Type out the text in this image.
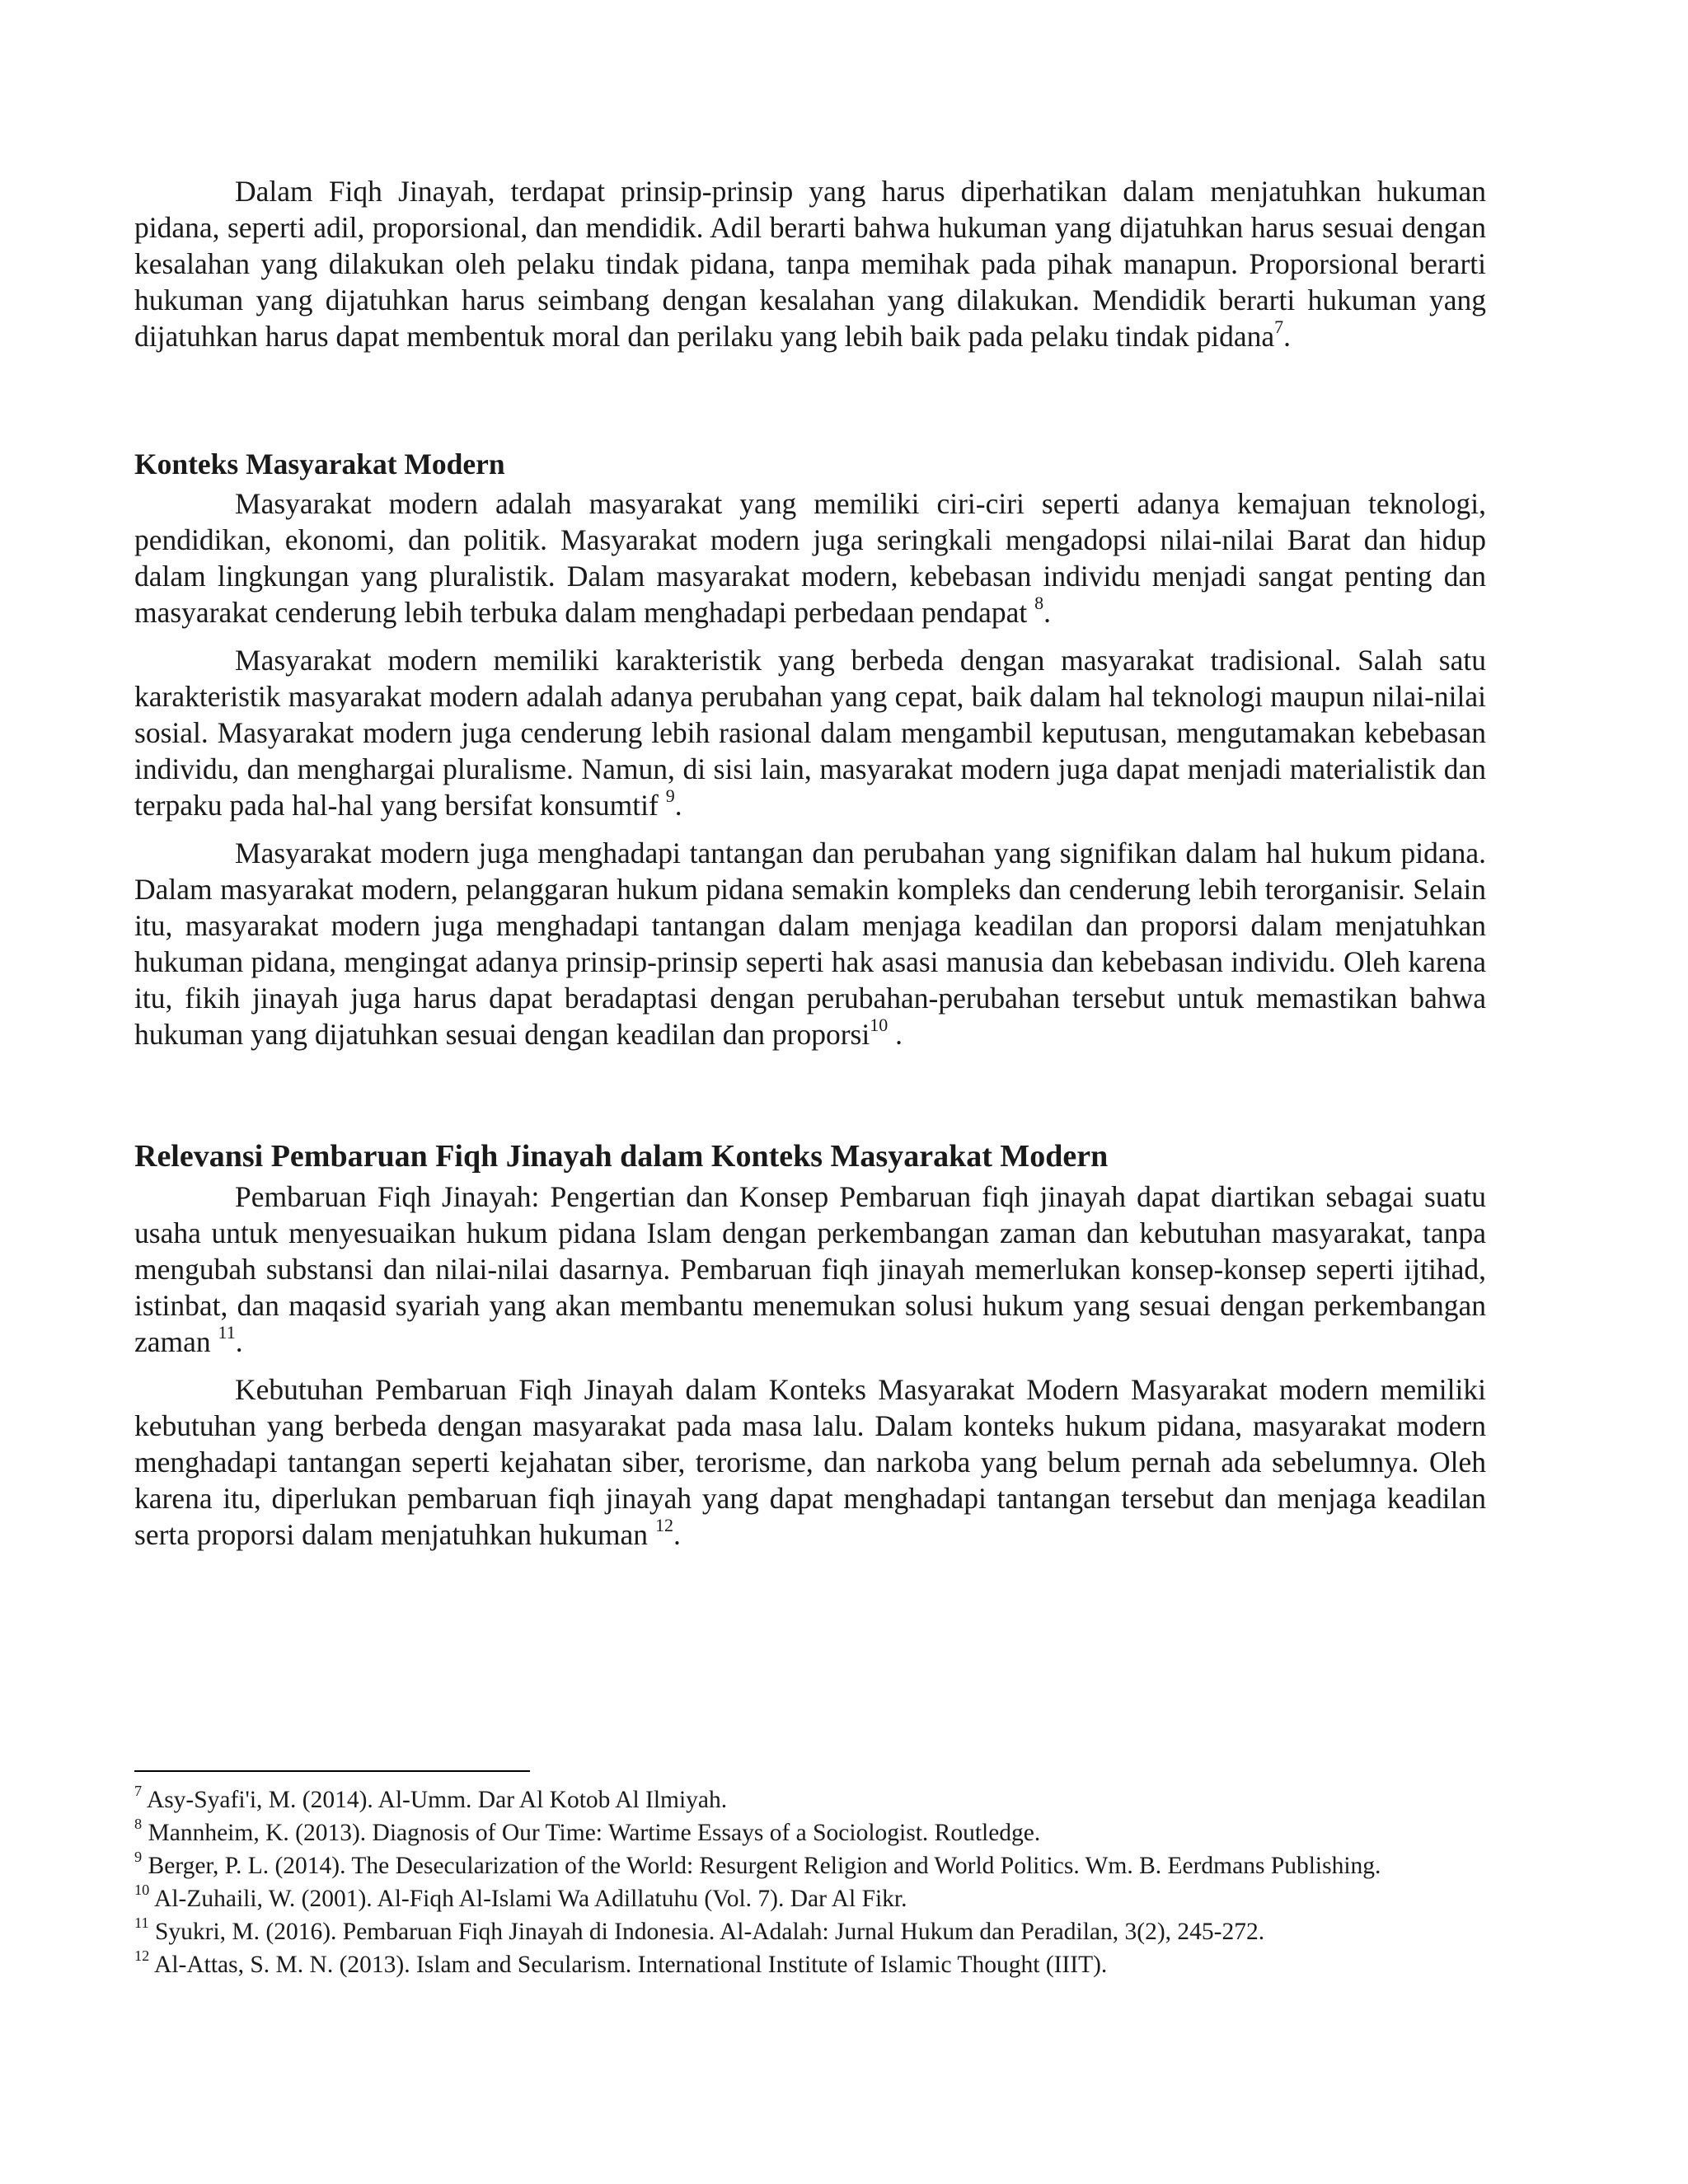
Dalam Fiqh Jinayah, terdapat prinsip-prinsip yang harus diperhatikan dalam menjatuhkan hukuman pidana, seperti adil, proporsional, dan mendidik. Adil berarti bahwa hukuman yang dijatuhkan harus sesuai dengan kesalahan yang dilakukan oleh pelaku tindak pidana, tanpa memihak pada pihak manapun. Proporsional berarti hukuman yang dijatuhkan harus seimbang dengan kesalahan yang dilakukan. Mendidik berarti hukuman yang dijatuhkan harus dapat membentuk moral dan perilaku yang lebih baik pada pelaku tindak pidana$^7$.

Konteks Masyarakat Modern

Masyarakat modern adalah masyarakat yang memiliki ciri-ciri seperti adanya kemajuan teknologi, pendidikan, ekonomi, dan politik. Masyarakat modern juga seringkali mengadopsi nilai-nilai Barat dan hidup dalam lingkungan yang pluralistik. Dalam masyarakat modern, kebebasan individu menjadi sangat penting dan masyarakat cenderung lebih terbuka dalam menghadapi perbedaan pendapat $^8$.

Masyarakat modern memiliki karakteristik yang berbeda dengan masyarakat tradisional. Salah satu karakteristik masyarakat modern adalah adanya perubahan yang cepat, baik dalam hal teknologi maupun nilai-nilai sosial. Masyarakat modern juga cenderung lebih rasional dalam mengambil keputusan, mengutamakan kebebasan individu, dan menghargai pluralisme. Namun, di sisi lain, masyarakat modern juga dapat menjadi materialistik dan terpaku pada hal-hal yang bersifat konsumtif $^9$.

Masyarakat modern juga menghadapi tantangan dan perubahan yang signifikan dalam hal hukum pidana. Dalam masyarakat modern, pelanggaran hukum pidana semakin kompleks dan cenderung lebih terorganisir. Selain itu, masyarakat modern juga menghadapi tantangan dalam menjaga keadilan dan proporsi dalam menjatuhkan hukuman pidana, mengingat adanya prinsip-prinsip seperti hak asasi manusia dan kebebasan individu. Oleh karena itu, fikih jinayah juga harus dapat beradaptasi dengan perubahan-perubahan tersebut untuk memastikan bahwa hukuman yang dijatuhkan sesuai dengan keadilan dan proporsi$^{10}$ .

Relevansi Pembaruan Fiqh Jinayah dalam Konteks Masyarakat Modern

Pembaruan Fiqh Jinayah: Pengertian dan Konsep Pembaruan fiqh jinayah dapat diartikan sebagai suatu usaha untuk menyesuaikan hukum pidana Islam dengan perkembangan zaman dan kebutuhan masyarakat, tanpa mengubah substansi dan nilai-nilai dasarnya. Pembaruan fiqh jinayah memerlukan konsep-konsep seperti ijtihad, istinbat, dan maqasid syariah yang akan membantu menemukan solusi hukum yang sesuai dengan perkembangan zaman $^{11}$.

Kebutuhan Pembaruan Fiqh Jinayah dalam Konteks Masyarakat Modern Masyarakat modern memiliki kebutuhan yang berbeda dengan masyarakat pada masa lalu. Dalam konteks hukum pidana, masyarakat modern menghadapi tantangan seperti kejahatan siber, terorisme, dan narkoba yang belum pernah ada sebelumnya. Oleh karena itu, diperlukan pembaruan fiqh jinayah yang dapat menghadapi tantangan tersebut dan menjaga keadilan serta proporsi dalam menjatuhkan hukuman $^{12}$.

$^7$ Asy-Syafi'i, M. (2014). Al-Umm. Dar Al Kotob Al Ilmiyah.

$^8$ Mannheim, K. (2013). Diagnosis of Our Time: Wartime Essays of a Sociologist. Routledge.

$^9$ Berger, P. L. (2014). The Desecularization of the World: Resurgent Religion and World Politics. Wm. B. Eerdmans Publishing.

$^{10}$ Al-Zuhaili, W. (2001). Al-Fiqh Al-Islami Wa Adillatuhu (Vol. 7). Dar Al Fikr.

$^{11}$ Syukri, M. (2016). Pembaruan Fiqh Jinayah di Indonesia. Al-Adalah: Jurnal Hukum dan Peradilan, 3(2), 245-272.

$^{12}$ Al-Attas, S. M. N. (2013). Islam and Secularism. International Institute of Islamic Thought (IIIT).
